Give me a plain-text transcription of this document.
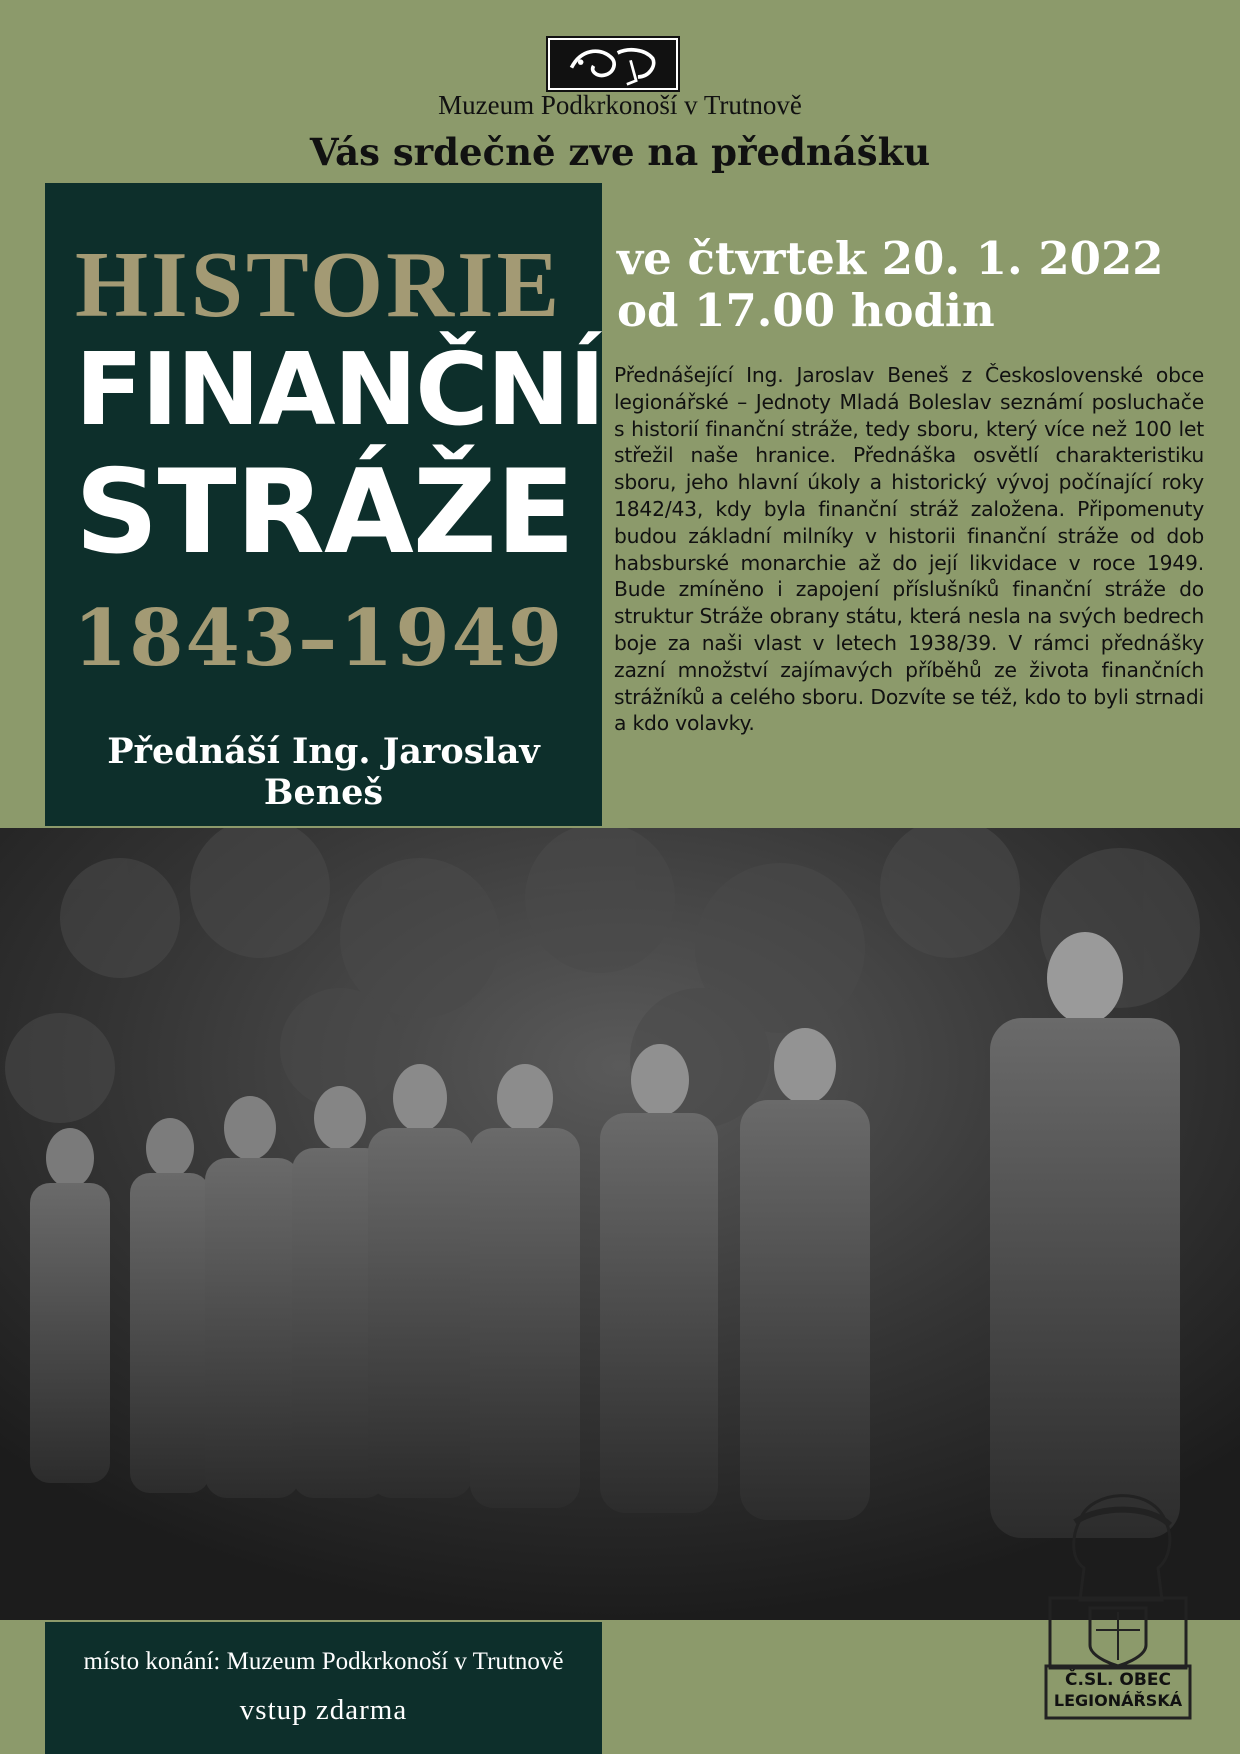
Muzeum Podkrkonoší v Trutnově
Vás srdečně zve na přednášku
HISTORIE
FINANČNÍ
STRÁŽE
1843–1949
Přednáší Ing. Jaroslav Beneš
ve čtvrtek 20. 1. 2022
od 17.00 hodin
Přednášející Ing. Jaroslav Beneš z Československé obce legionářské – Jednoty Mladá Boleslav seznámí posluchače s historií finanční stráže, tedy sboru, který více než 100 let střežil naše hranice. Přednáška osvětlí charakteristiku sboru, jeho hlavní úkoly a historický vývoj počínající roky 1842/43, kdy byla finanční stráž založena. Připomenuty budou základní milníky v historii finanční stráže od dob habsburské monarchie až do její likvidace v roce 1949. Bude zmíněno i zapojení příslušníků finanční stráže do struktur Stráže obrany státu, která nesla na svých bedrech boje za naši vlast v letech 1938/39. V rámci přednášky zazní množství zajímavých příběhů ze života finančních strážníků a celého sboru. Dozvíte se též, kdo to byli strnadi a kdo volavky.
místo konání: Muzeum Podkrkonoší v Trutnově
vstup zdarma
Č.SL. OBEC
LEGIONÁŘSKÁ
